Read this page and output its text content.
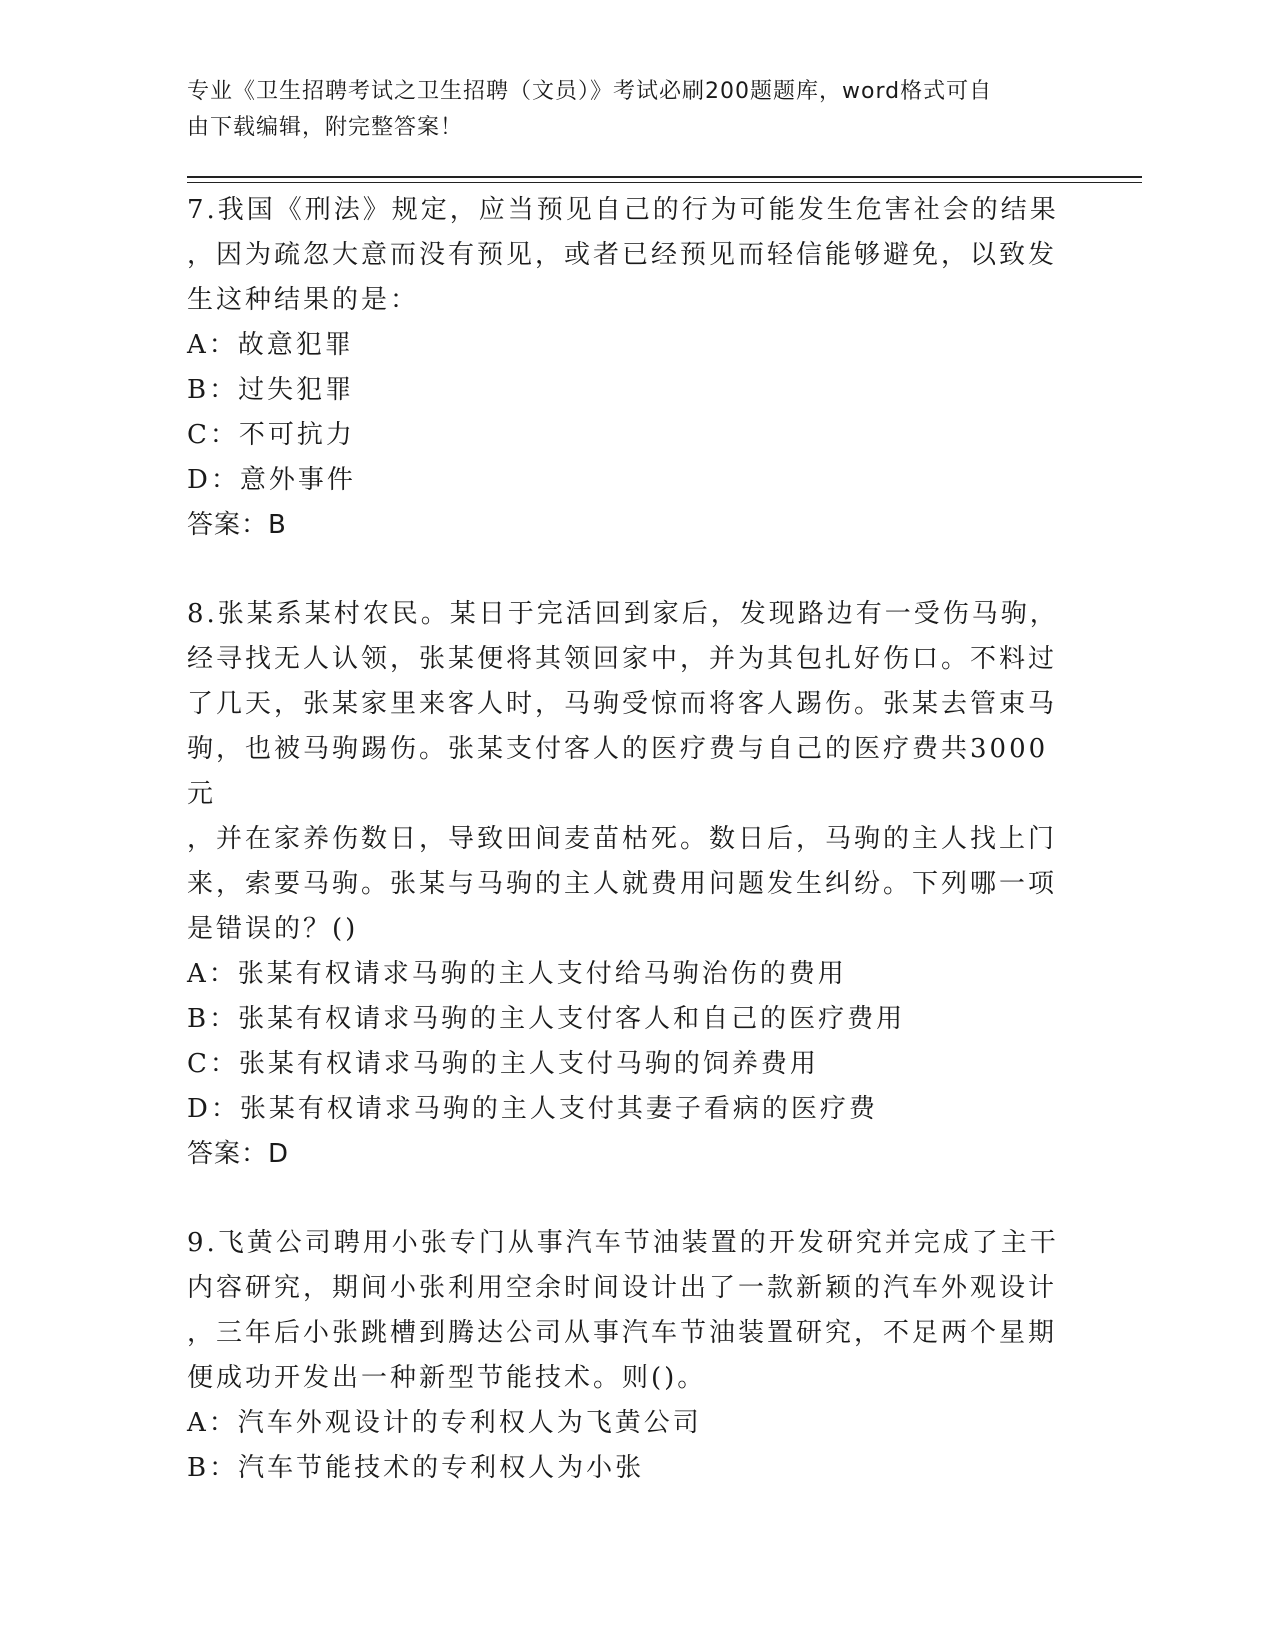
专业《卫生招聘考试之卫生招聘（文员）》考试必刷200题题库，word格式可自
由下载编辑，附完整答案！
7.我国《刑法》规定，应当预见自己的行为可能发生危害社会的结果
，因为疏忽大意而没有预见，或者已经预见而轻信能够避免，以致发
生这种结果的是：
A：故意犯罪
B：过失犯罪
C：不可抗力
D：意外事件
答案：B
8.张某系某村农民。某日于完活回到家后，发现路边有一受伤马驹，
经寻找无人认领，张某便将其领回家中，并为其包扎好伤口。不料过
了几天，张某家里来客人时，马驹受惊而将客人踢伤。张某去管束马
驹，也被马驹踢伤。张某支付客人的医疗费与自己的医疗费共3000元
，并在家养伤数日，导致田间麦苗枯死。数日后，马驹的主人找上门
来，索要马驹。张某与马驹的主人就费用问题发生纠纷。下列哪一项
是错误的？()
A：张某有权请求马驹的主人支付给马驹治伤的费用
B：张某有权请求马驹的主人支付客人和自己的医疗费用
C：张某有权请求马驹的主人支付马驹的饲养费用
D：张某有权请求马驹的主人支付其妻子看病的医疗费
答案：D
9.飞黄公司聘用小张专门从事汽车节油装置的开发研究并完成了主干
内容研究，期间小张利用空余时间设计出了一款新颖的汽车外观设计
，三年后小张跳槽到腾达公司从事汽车节油装置研究，不足两个星期
便成功开发出一种新型节能技术。则()。
A：汽车外观设计的专利权人为飞黄公司
B：汽车节能技术的专利权人为小张
